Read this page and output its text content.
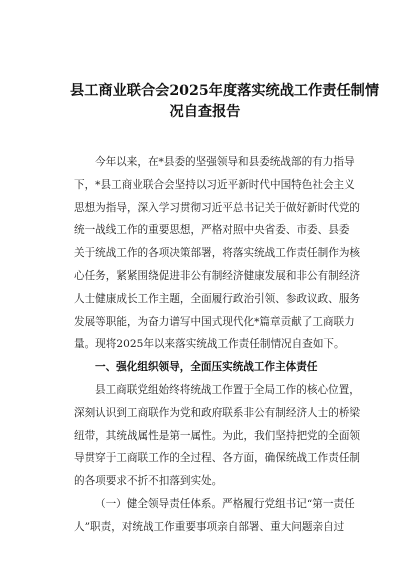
县工商业联合会2025年度落实统战工作责任制情
况自查报告
今年以来，在*县委的坚强领导和县委统战部的有力指导
下，*县工商业联合会坚持以习近平新时代中国特色社会主义
思想为指导，深入学习贯彻习近平总书记关于做好新时代党的
统一战线工作的重要思想，严格对照中央省委、市委、县委
关于统战工作的各项决策部署，将落实统战工作责任制作为核
心任务，紧紧围绕促进非公有制经济健康发展和非公有制经济
人士健康成长工作主题，全面履行政治引领、参政议政、服务
发展等职能，为奋力谱写中国式现代化*篇章贡献了工商联力
量。现将2025年以来落实统战工作责任制情况自查如下。
一、强化组织领导，全面压实统战工作主体责任
县工商联党组始终将统战工作置于全局工作的核心位置，
深刻认识到工商联作为党和政府联系非公有制经济人士的桥梁
纽带，其统战属性是第一属性。为此，我们坚持把党的全面领
导贯穿于工商联工作的全过程、各方面，确保统战工作责任制
的各项要求不折不扣落到实处。
（一）健全领导责任体系。严格履行党组书记“第一责任
人”职责，对统战工作重要事项亲自部署、重大问题亲自过
